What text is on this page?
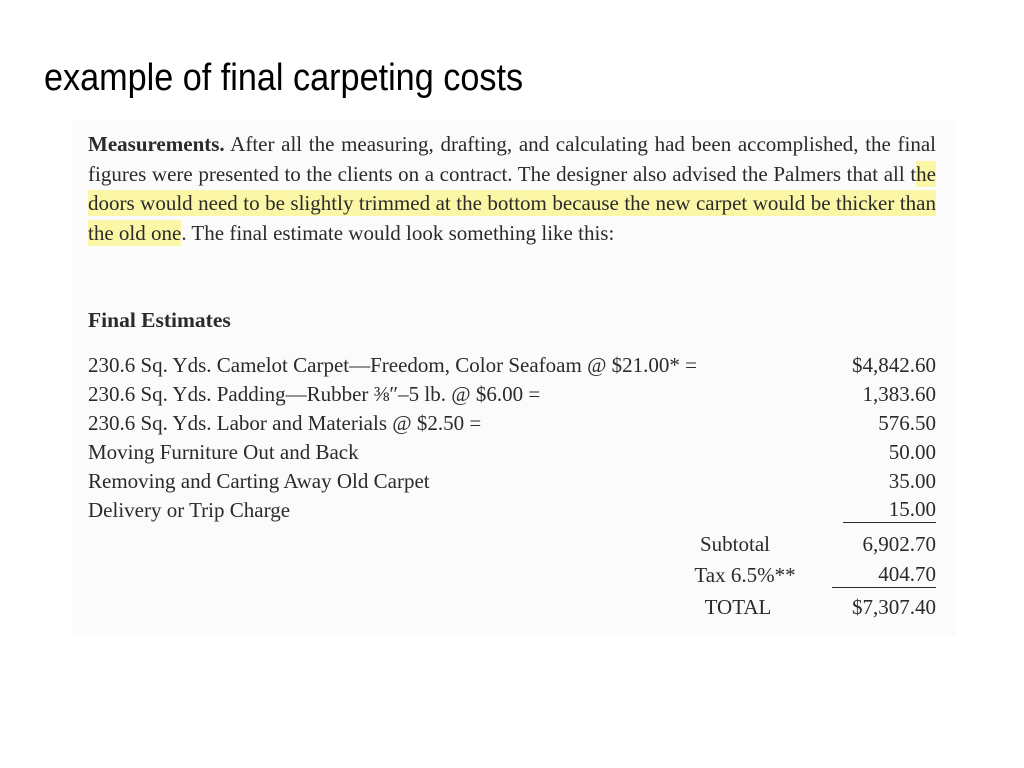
example of final carpeting costs
Measurements. After all the measuring, drafting, and calculating had been accomplished, the final figures were presented to the clients on a contract. The designer also advised the Palmers that all the doors would need to be slightly trimmed at the bottom because the new carpet would be thicker than the old one. The final estimate would look something like this:
Final Estimates
230.6 Sq. Yds. Camelot Carpet—Freedom, Color Seafoam @ $21.00* =	$4,842.60
230.6 Sq. Yds. Padding—Rubber ⅜″–5 lb. @ $6.00 =	1,383.60
230.6 Sq. Yds. Labor and Materials @ $2.50 =	576.50
Moving Furniture Out and Back	50.00
Removing and Carting Away Old Carpet	35.00
Delivery or Trip Charge	15.00
Subtotal	6,902.70
Tax 6.5%**	404.70
TOTAL	$7,307.40
